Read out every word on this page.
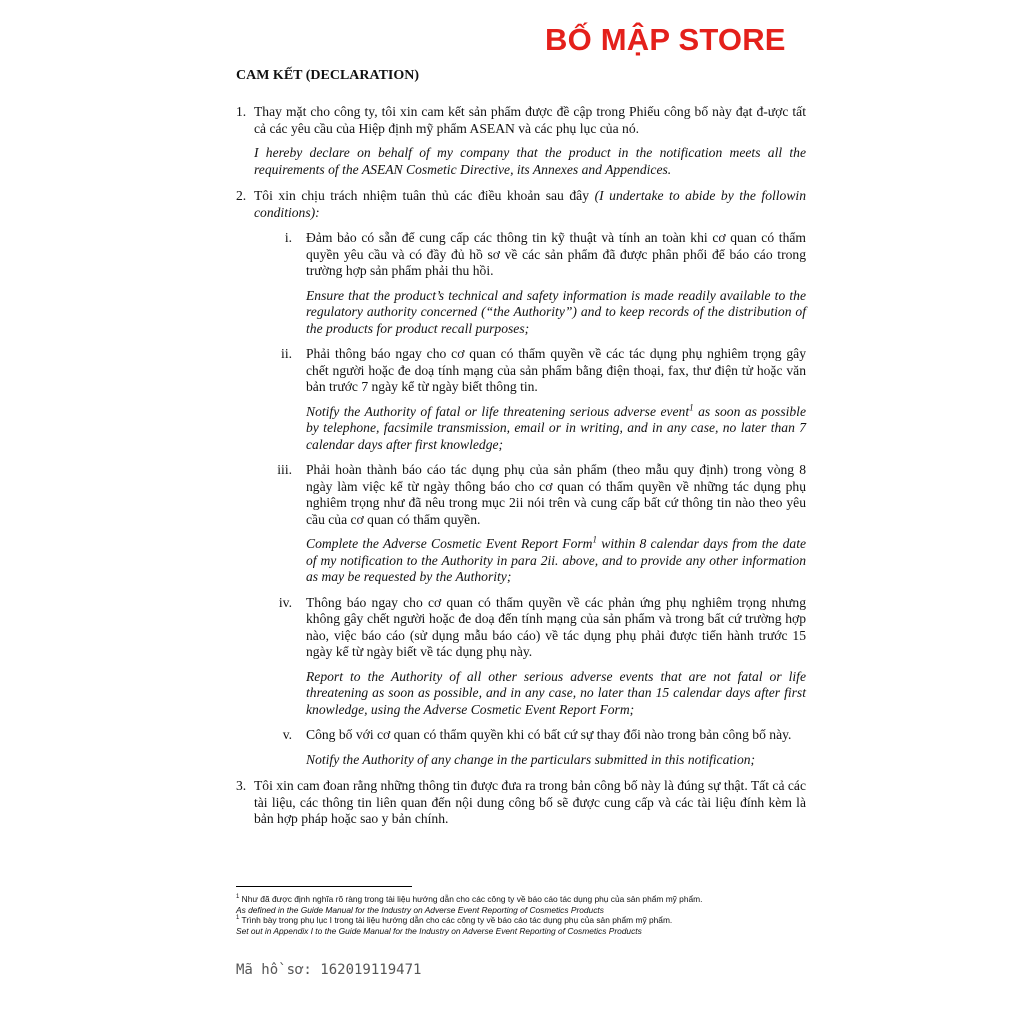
BỐ MẬP STORE
CAM KẾT (DECLARATION)
1. Thay mặt cho công ty, tôi xin cam kết sản phẩm được đề cập trong Phiếu công bố này đạt đ-ược tất cả các yêu cầu của Hiệp định mỹ phẩm ASEAN và các phụ lục của nó.
I hereby declare on behalf of my company that the product in the notification meets all the requirements of the ASEAN Cosmetic Directive, its Annexes and Appendices.
2. Tôi xin chịu trách nhiệm tuân thủ các điều khoản sau đây (I undertake to abide by the followin conditions):
i.	Đảm bảo có sẵn để cung cấp các thông tin kỹ thuật và tính an toàn khi cơ quan có thẩm quyền yêu cầu và có đầy đủ hồ sơ về các sản phẩm đã được phân phối để báo cáo trong trường hợp sản phẩm phải thu hồi.
Ensure that the product’s technical and safety information is made readily available to the regulatory authority concerned (“the Authority”) and to keep records of the distribution of the products for product recall purposes;
ii.	Phải thông báo ngay cho cơ quan có thẩm quyền về các tác dụng phụ nghiêm trọng gây chết người hoặc đe doạ tính mạng của sản phẩm bằng điện thoại, fax, thư điện tử hoặc văn bản trước 7 ngày kể từ ngày biết thông tin.
Notify the Authority of fatal or life threatening serious adverse event$^1$ as soon as possible by telephone, facsimile transmission, email or in writing, and in any case, no later than 7 calendar days after first knowledge;
iii.	Phải hoàn thành báo cáo tác dụng phụ của sản phẩm (theo mẫu quy định) trong vòng 8 ngày làm việc kể từ ngày thông báo cho cơ quan có thẩm quyền về những tác dụng phụ nghiêm trọng như đã nêu trong mục 2ii nói trên và cung cấp bất cứ thông tin nào theo yêu cầu của cơ quan có thẩm quyền.
Complete the Adverse Cosmetic Event Report Form$^1$ within 8 calendar days from the date of my notification to the Authority in para 2ii. above, and to provide any other information as may be requested by the Authority;
iv.	Thông báo ngay cho cơ quan có thẩm quyền về các phản ứng phụ nghiêm trọng nhưng không gây chết người hoặc đe doạ đến tính mạng của sản phẩm và trong bất cứ trường hợp nào, việc báo cáo (sử dụng mẫu báo cáo) về tác dụng phụ phải được tiến hành trước 15 ngày kể từ ngày biết về tác dụng phụ này.
Report to the Authority of all other serious adverse events that are not fatal or life threatening as soon as possible, and in any case, no later than 15 calendar days after first knowledge, using the Adverse Cosmetic Event Report Form;
v.	Công bố với cơ quan có thẩm quyền khi có bất cứ sự thay đổi nào trong bản công bố này.
Notify the Authority of any change in the particulars submitted in this notification;
3. Tôi xin cam đoan rằng những thông tin được đưa ra trong bản công bố này là đúng sự thật. Tất cả các tài liệu, các thông tin liên quan đến nội dung công bố sẽ được cung cấp và các tài liệu đính kèm là bản hợp pháp hoặc sao y bản chính.
$^1$ Như đã được định nghĩa rõ ràng trong tài liệu hướng dẫn cho các công ty về báo cáo tác dụng phụ của sản phẩm mỹ phẩm.
As defined in the Guide Manual for the Industry on Adverse Event Reporting of Cosmetics Products
$^1$ Trình bày trong phụ lục I trong tài liệu hướng dẫn cho các công ty về báo cáo tác dụng phụ của sản phẩm mỹ phẩm.
Set out in Appendix I to the Guide Manual for the Industry on Adverse Event Reporting of Cosmetics Products
Mã hồ sơ: 162019119471
